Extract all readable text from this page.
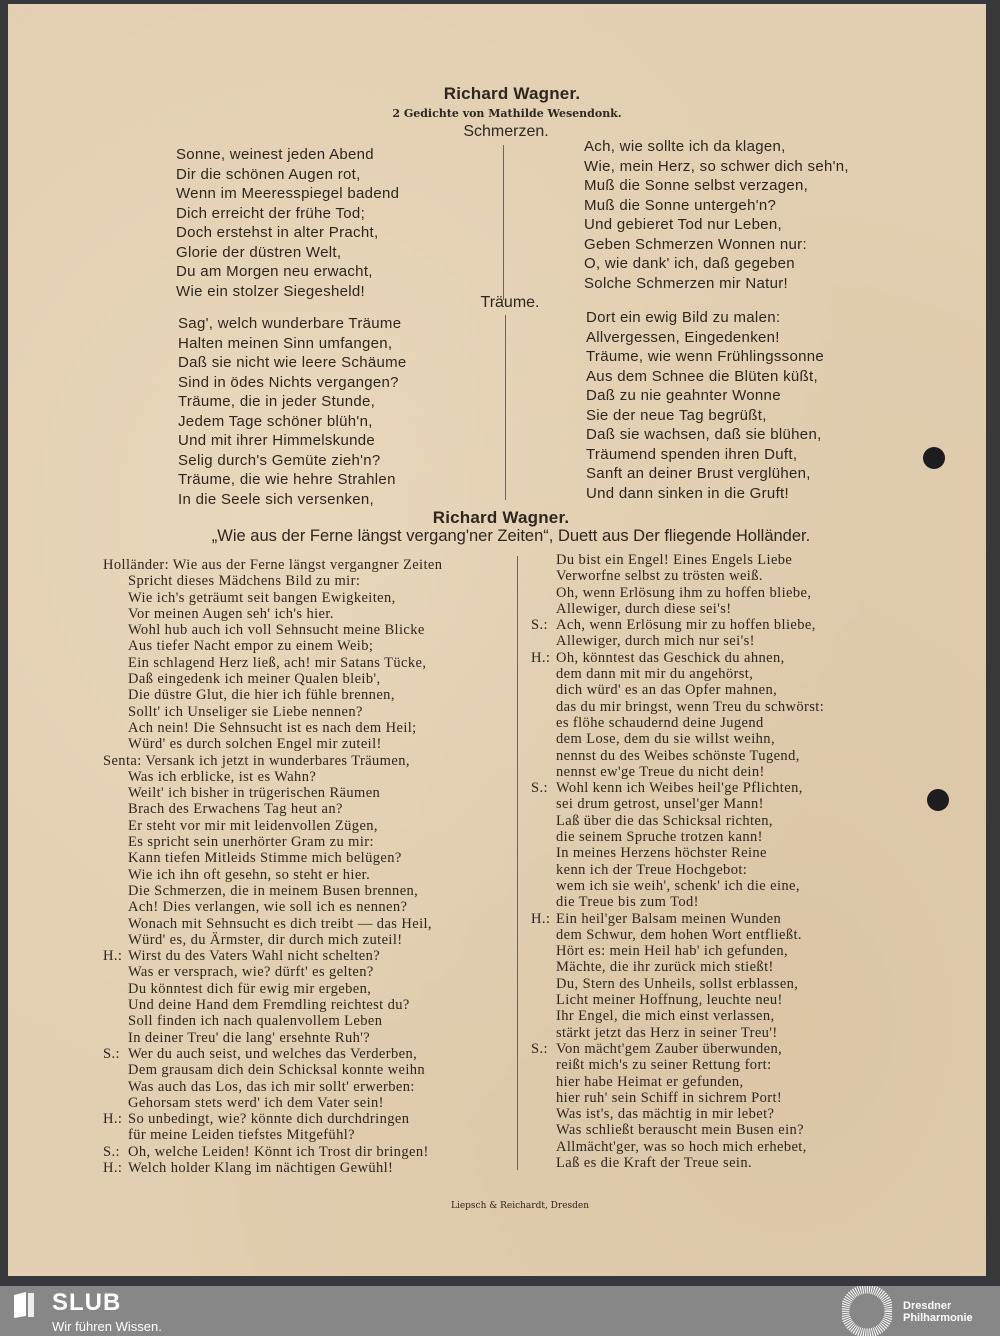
Richard Wagner.
2 Gedichte von Mathilde Wesendonk.
Schmerzen.
Sonne, weinest jeden Abend
Dir die schönen Augen rot,
Wenn im Meeresspiegel badend
Dich erreicht der frühe Tod;
Doch erstehst in alter Pracht,
Glorie der düstren Welt,
Du am Morgen neu erwacht,
Wie ein stolzer Siegesheld!
Ach, wie sollte ich da klagen,
Wie, mein Herz, so schwer dich seh'n,
Muß die Sonne selbst verzagen,
Muß die Sonne untergeh'n?
Und gebieret Tod nur Leben,
Geben Schmerzen Wonnen nur:
O, wie dank' ich, daß gegeben
Solche Schmerzen mir Natur!
Träume.
Sag', welch wunderbare Träume
Halten meinen Sinn umfangen,
Daß sie nicht wie leere Schäume
Sind in ödes Nichts vergangen?
Träume, die in jeder Stunde,
Jedem Tage schöner blüh'n,
Und mit ihrer Himmelskunde
Selig durch's Gemüte zieh'n?
Träume, die wie hehre Strahlen
In die Seele sich versenken,
Dort ein ewig Bild zu malen:
Allvergessen, Eingedenken!
Träume, wie wenn Frühlingssonne
Aus dem Schnee die Blüten küßt,
Daß zu nie geahnter Wonne
Sie der neue Tag begrüßt,
Daß sie wachsen, daß sie blühen,
Träumend spenden ihren Duft,
Sanft an deiner Brust verglühen,
Und dann sinken in die Gruft!
Richard Wagner.
„Wie aus der Ferne längst vergang'ner Zeiten“, Duett aus Der fliegende Holländer.
Holländer: Wie aus der Ferne längst vergangner Zeiten
Spricht dieses Mädchens Bild zu mir:
Wie ich's geträumt seit bangen Ewigkeiten,
Vor meinen Augen seh' ich's hier.
Wohl hub auch ich voll Sehnsucht meine Blicke
Aus tiefer Nacht empor zu einem Weib;
Ein schlagend Herz ließ, ach! mir Satans Tücke,
Daß eingedenk ich meiner Qualen bleib',
Die düstre Glut, die hier ich fühle brennen,
Sollt' ich Unseliger sie Liebe nennen?
Ach nein! Die Sehnsucht ist es nach dem Heil;
Würd' es durch solchen Engel mir zuteil!
Senta: Versank ich jetzt in wunderbares Träumen,
Was ich erblicke, ist es Wahn?
Weilt' ich bisher in trügerischen Räumen
Brach des Erwachens Tag heut an?
Er steht vor mir mit leidenvollen Zügen,
Es spricht sein unerhörter Gram zu mir:
Kann tiefen Mitleids Stimme mich belügen?
Wie ich ihn oft gesehn, so steht er hier.
Die Schmerzen, die in meinem Busen brennen,
Ach! Dies verlangen, wie soll ich es nennen?
Wonach mit Sehnsucht es dich treibt — das Heil,
Würd' es, du Ärmster, dir durch mich zuteil!
H.: Wirst du des Vaters Wahl nicht schelten?
Was er versprach, wie? dürft' es gelten?
Du könntest dich für ewig mir ergeben,
Und deine Hand dem Fremdling reichtest du?
Soll finden ich nach qualenvollem Leben
In deiner Treu' die lang' ersehnte Ruh'?
S.: Wer du auch seist, und welches das Verderben,
Dem grausam dich dein Schicksal konnte weihn
Was auch das Los, das ich mir sollt' erwerben:
Gehorsam stets werd' ich dem Vater sein!
H.: So unbedingt, wie? könnte dich durchdringen
für meine Leiden tiefstes Mitgefühl?
S.: Oh, welche Leiden! Könnt ich Trost dir bringen!
H.: Welch holder Klang im nächtigen Gewühl!
Du bist ein Engel! Eines Engels Liebe
Verworfne selbst zu trösten weiß.
Oh, wenn Erlösung ihm zu hoffen bliebe,
Allewiger, durch diese sei's!
S.: Ach, wenn Erlösung mir zu hoffen bliebe,
Allewiger, durch mich nur sei's!
H.: Oh, könntest das Geschick du ahnen,
dem dann mit mir du angehörst,
dich würd' es an das Opfer mahnen,
das du mir bringst, wenn Treu du schwörst:
es flöhe schaudernd deine Jugend
dem Lose, dem du sie willst weihn,
nennst du des Weibes schönste Tugend,
nennst ew'ge Treue du nicht dein!
S.: Wohl kenn ich Weibes heil'ge Pflichten,
sei drum getrost, unsel'ger Mann!
Laß über die das Schicksal richten,
die seinem Spruche trotzen kann!
In meines Herzens höchster Reine
kenn ich der Treue Hochgebot:
wem ich sie weih', schenk' ich die eine,
die Treue bis zum Tod!
H.: Ein heil'ger Balsam meinen Wunden
dem Schwur, dem hohen Wort entfließt.
Hört es: mein Heil hab' ich gefunden,
Mächte, die ihr zurück mich stießt!
Du, Stern des Unheils, sollst erblassen,
Licht meiner Hoffnung, leuchte neu!
Ihr Engel, die mich einst verlassen,
stärkt jetzt das Herz in seiner Treu'!
S.: Von mächt'gem Zauber überwunden,
reißt mich's zu seiner Rettung fort:
hier habe Heimat er gefunden,
hier ruh' sein Schiff in sichrem Port!
Was ist's, das mächtig in mir lebet?
Was schließt berauscht mein Busen ein?
Allmächt'ger, was so hoch mich erhebet,
Laß es die Kraft der Treue sein.
Liepsch & Reichardt, Dresden
SLUB
Wir führen Wissen.
Dresdner
Philharmonie
